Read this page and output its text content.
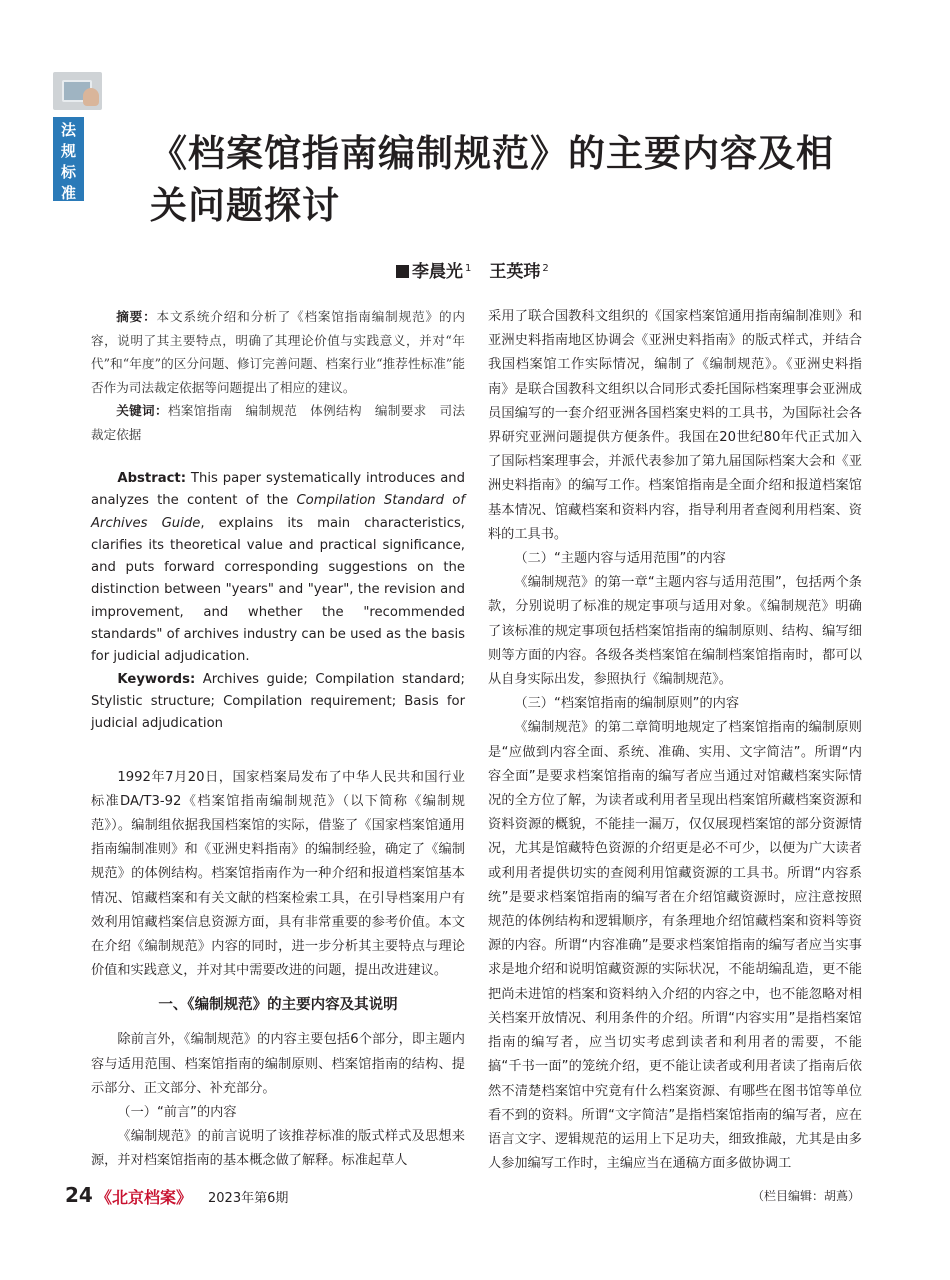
法
规
标
准
《档案馆指南编制规范》的主要内容及相关问题探讨
李晨光 $^1$ 王英玮 $^2$

摘要：本文系统介绍和分析了《档案馆指南编制规范》的内容，说明了其主要特点，明确了其理论价值与实践意义，并对“年代”和“年度”的区分问题、修订完善问题、档案行业“推荐性标准”能否作为司法裁定依据等问题提出了相应的建议。

关键词：档案馆指南　编制规范　体例结构　编制要求　司法裁定依据

Abstract: This paper systematically introduces and analyzes the content of the Compilation Standard of Archives Guide, explains its main characteristics, clarifies its theoretical value and practical significance, and puts forward corresponding suggestions on the distinction between "years" and "year", the revision and improvement, and whether the "recommended standards" of archives industry can be used as the basis for judicial adjudication.

Keywords: Archives guide; Compilation standard; Stylistic structure; Compilation requirement; Basis for judicial adjudication

1992年7月20日，国家档案局发布了中华人民共和国行业标准DA/T3-92《档案馆指南编制规范》（以下简称《编制规范》）。编制组依据我国档案馆的实际，借鉴了《国家档案馆通用指南编制准则》和《亚洲史料指南》的编制经验，确定了《编制规范》的体例结构。档案馆指南作为一种介绍和报道档案馆基本情况、馆藏档案和有关文献的档案检索工具，在引导档案用户有效利用馆藏档案信息资源方面，具有非常重要的参考价值。本文在介绍《编制规范》内容的同时，进一步分析其主要特点与理论价值和实践意义，并对其中需要改进的问题，提出改进建议。

一、《编制规范》的主要内容及其说明

除前言外，《编制规范》的内容主要包括6个部分，即主题内容与适用范围、档案馆指南的编制原则、档案馆指南的结构、提示部分、正文部分、补充部分。

（一）“前言”的内容

《编制规范》的前言说明了该推荐标准的版式样式及思想来源，并对档案馆指南的基本概念做了解释。标准起草人

采用了联合国教科文组织的《国家档案馆通用指南编制准则》和亚洲史料指南地区协调会《亚洲史料指南》的版式样式，并结合我国档案馆工作实际情况，编制了《编制规范》。《亚洲史料指南》是联合国教科文组织以合同形式委托国际档案理事会亚洲成员国编写的一套介绍亚洲各国档案史料的工具书，为国际社会各界研究亚洲问题提供方便条件。我国在20世纪80年代正式加入了国际档案理事会，并派代表参加了第九届国际档案大会和《亚洲史料指南》的编写工作。档案馆指南是全面介绍和报道档案馆基本情况、馆藏档案和资料内容，指导利用者查阅利用档案、资料的工具书。

（二）“主题内容与适用范围”的内容

《编制规范》的第一章“主题内容与适用范围”，包括两个条款，分别说明了标准的规定事项与适用对象。《编制规范》明确了该标准的规定事项包括档案馆指南的编制原则、结构、编写细则等方面的内容。各级各类档案馆在编制档案馆指南时，都可以从自身实际出发，参照执行《编制规范》。

（三）“档案馆指南的编制原则”的内容

《编制规范》的第二章简明地规定了档案馆指南的编制原则是“应做到内容全面、系统、准确、实用、文字简洁”。所谓“内容全面”是要求档案馆指南的编写者应当通过对馆藏档案实际情况的全方位了解，为读者或利用者呈现出档案馆所藏档案资源和资料资源的概貌，不能挂一漏万，仅仅展现档案馆的部分资源情况，尤其是馆藏特色资源的介绍更是必不可少，以便为广大读者或利用者提供切实的查阅利用馆藏资源的工具书。所谓“内容系统”是要求档案馆指南的编写者在介绍馆藏资源时，应注意按照规范的体例结构和逻辑顺序，有条理地介绍馆藏档案和资料等资源的内容。所谓“内容准确”是要求档案馆指南的编写者应当实事求是地介绍和说明馆藏资源的实际状况，不能胡编乱造，更不能把尚未进馆的档案和资料纳入介绍的内容之中，也不能忽略对相关档案开放情况、利用条件的介绍。所谓“内容实用”是指档案馆指南的编写者，应当切实考虑到读者和利用者的需要，不能搞“千书一面”的笼统介绍，更不能让读者或利用者读了指南后依然不清楚档案馆中究竟有什么档案资源、有哪些在图书馆等单位看不到的资料。所谓“文字简洁”是指档案馆指南的编写者，应在语言文字、逻辑规范的运用上下足功夫，细致推敲，尤其是由多人参加编写工作时，主编应当在通稿方面多做协调工

24 《北京档案》 2023年第6期	（栏目编辑：胡蔦）
